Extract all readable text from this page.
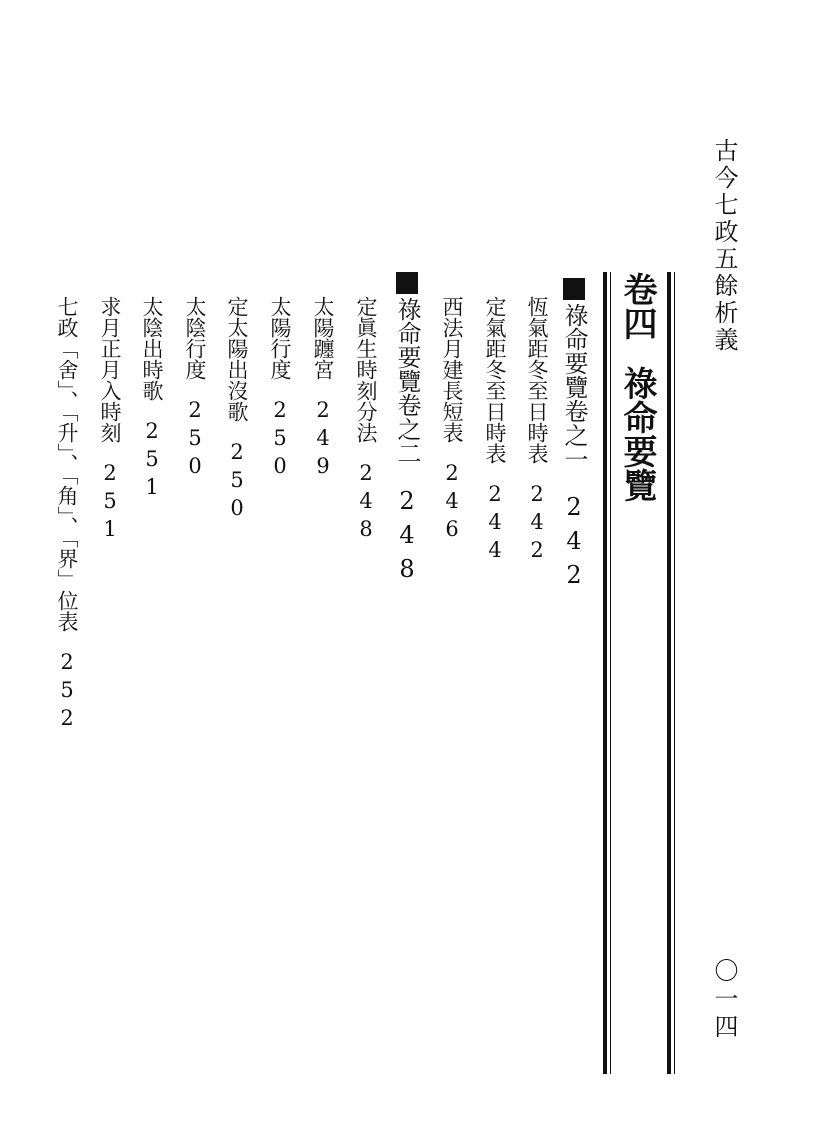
古今七政五餘析義
〇一四
卷四祿命要覽
祿命要覽卷之一242
恆氣距冬至日時表242
定氣距冬至日時表244
西法月建長短表246
祿命要覽卷之二248
定眞生時刻分法248
太陽躔宮249
太陽行度250
定太陽出沒歌250
太陰行度250
太陰出時歌251
求月正月入時刻251
七政「舍」、「升」、「角」、「界」位表252
